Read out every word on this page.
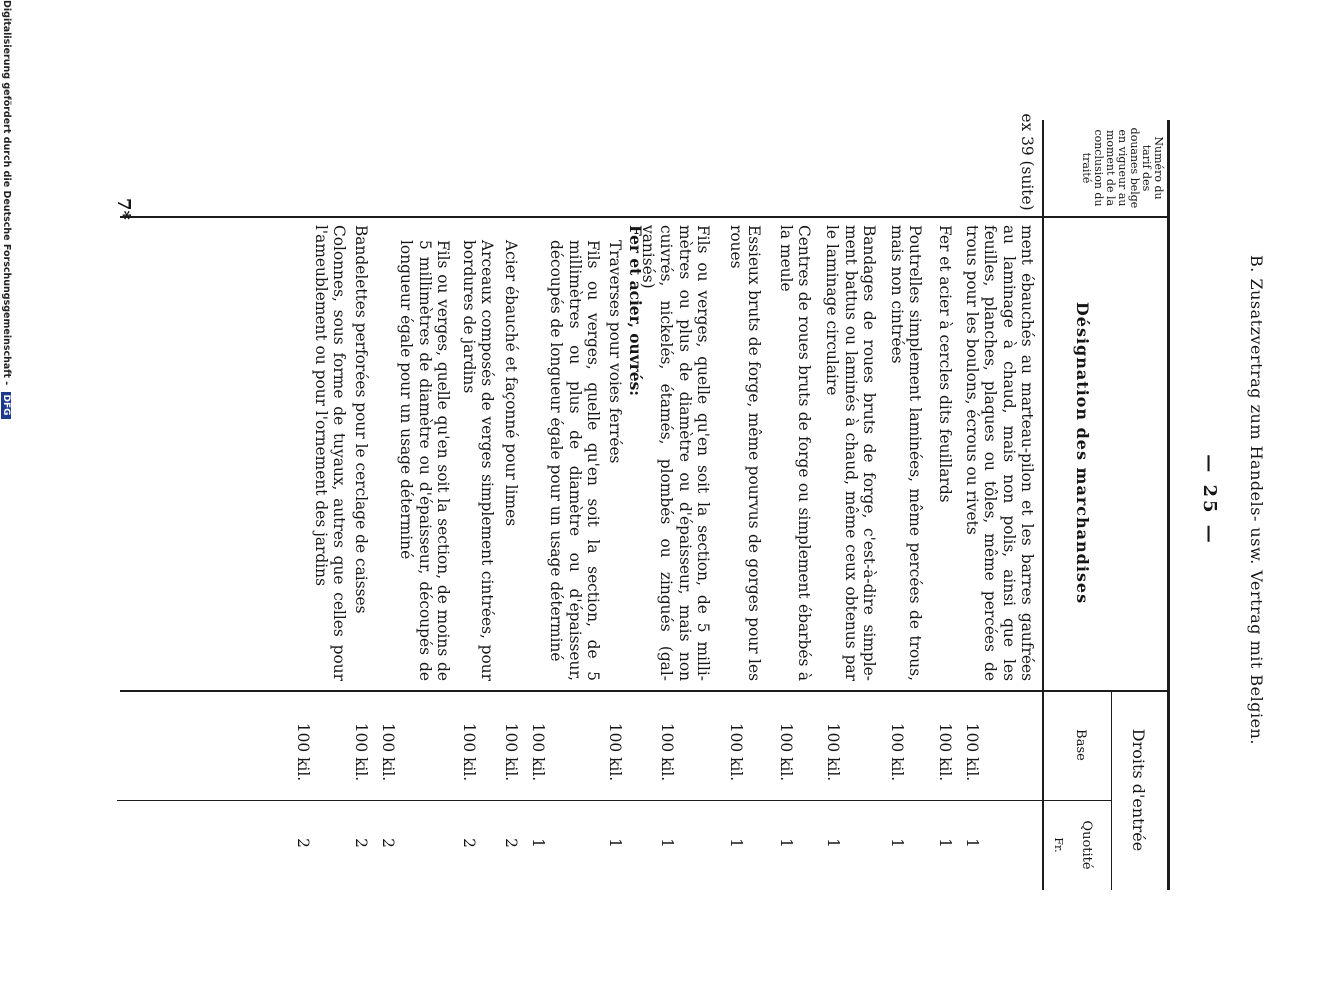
B. Zusatzvertrag zum Handels- usw. Vertrag mit Belgien.
— 25 —
Numéro du tarif des douanes belge en vigueur au moment de la conclusion du traité
Désignation des marchandises
Droits d'entrée
Base
Quotité
Fr.
ex 39 (suite)
ment ébauchés au marteau-pilon et les barres gaufrées au laminage à chaud, mais non polis, ainsi que les feuilles, planches, plaques ou tôles, même percées de trous pour les boulons, écrous ou rivets
100 kil.
1
Fer et acier à cercles dits feuillards
100 kil.
1
Poutrelles simplement laminées, même percées de trous, mais non cintrées
100 kil.
1
Bandages de roues bruts de forge, c'est-à-dire simplement battus ou laminés à chaud, même ceux obtenus par le laminage circulaire
100 kil.
1
Centres de roues bruts de forge ou simplement ébarbés à la meule
100 kil.
1
Essieux bruts de forge, même pourvus de gorges pour les roues
100 kil.
1
Fils ou verges, quelle qu'en soit la section, de 5 millimètres ou plus de diamètre ou d'épaisseur, mais non cuivrés, nickelés, étamés, plombés ou zingués (galvanisés)
100 kil.
1
Fer et acier, ouvrés:
Traverses pour voies ferrées
100 kil.
1
Fils ou verges, quelle qu'en soit la section, de 5 millimètres ou plus de diamètre ou d'épaisseur, découpés de longueur égale pour un usage déterminé
100 kil.
1
Acier ébauché et façonné pour limes
100 kil.
2
Arceaux composés de verges simplement cintrées, pour bordures de jardins
100 kil.
2
Fils ou verges, quelle qu'en soit la section, de moins de 5 millimètres de diamètre ou d'épaisseur, découpés de longueur égale pour un usage déterminé
100 kil.
2
Bandelettes perforées pour le cerclage de caisses
100 kil.
2
Colonnes, sous forme de tuyaux, autres que celles pour l'ameublement ou pour l'ornement des jardins
100 kil.
2
7*
Digitalisierung gefördert durch die Deutsche Forschungsgemeinschaft - DFG
